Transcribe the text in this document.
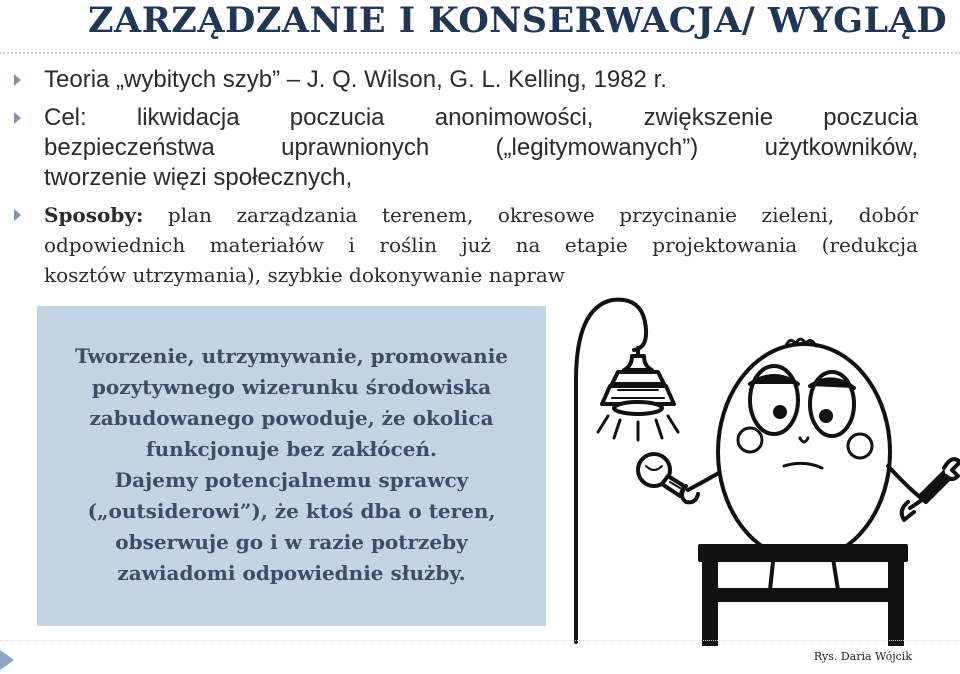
ZARZĄDZANIE I KONSERWACJA/ WYGLĄD
Teoria „wybitych szyb” – J. Q. Wilson, G. L. Kelling, 1982 r.
Cel: likwidacja poczucia anonimowości, zwiększenie poczucia
bezpieczeństwa uprawnionych („legitymowanych”) użytkowników,
tworzenie więzi społecznych,
Sposoby: plan zarządzania terenem, okresowe przycinanie zieleni, dobór
odpowiednich materiałów i roślin już na etapie projektowania (redukcja
kosztów utrzymania), szybkie dokonywanie napraw
Tworzenie, utrzymywanie, promowanie
pozytywnego wizerunku środowiska
zabudowanego powoduje, że okolica
funkcjonuje bez zakłóceń.
Dajemy potencjalnemu sprawcy
(„outsiderowi”), że ktoś dba o teren,
obserwuje go i w razie potrzeby
zawiadomi odpowiednie służby.
Rys. Daria Wójcik
